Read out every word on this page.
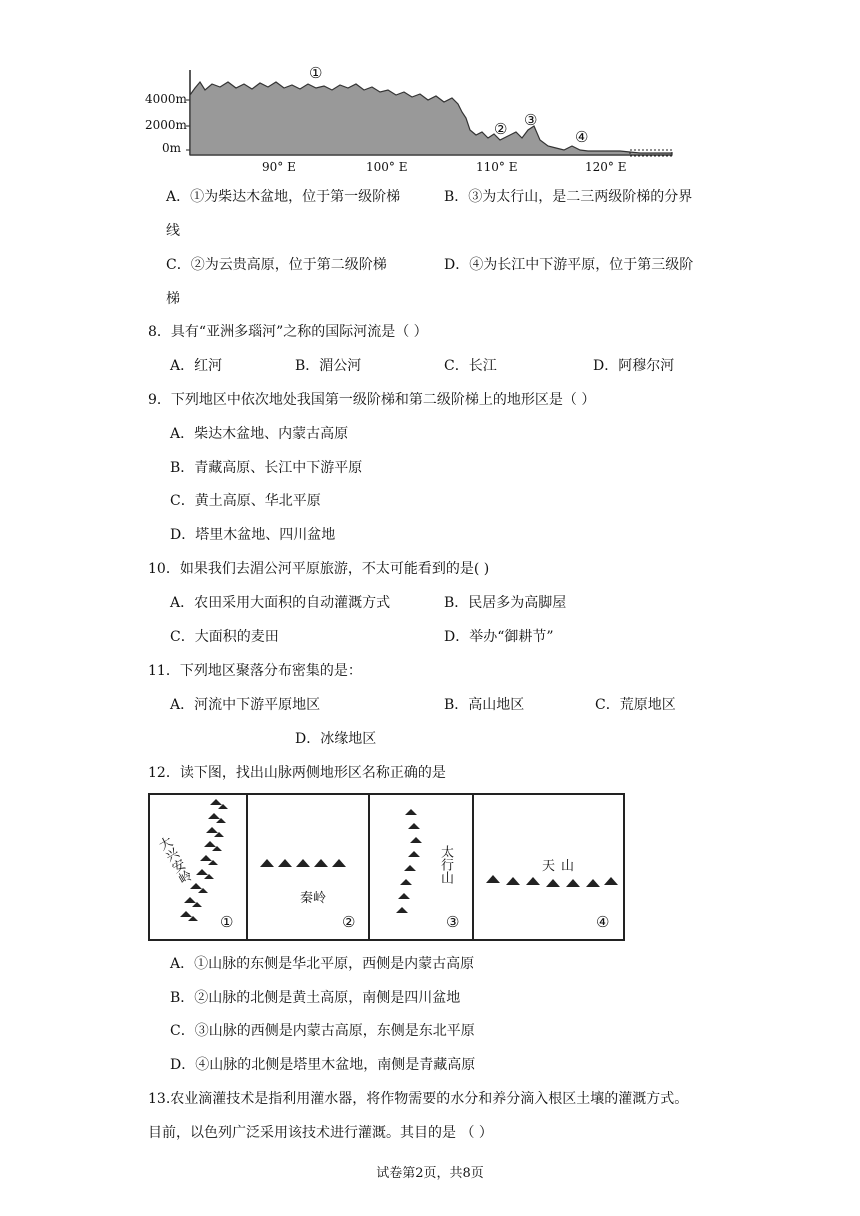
4000m
2000m
0m
90° E	100° E	110° E	120° E
①
② ③
④
A．①为柴达木盆地，位于第一级阶梯	B．③为太行山，是二三两级阶梯的分界
线
C．②为云贵高原，位于第二级阶梯	D．④为长江中下游平原，位于第三级阶
梯
8．具有“亚洲多瑙河”之称的国际河流是（ ）
A．红河	B．湄公河	C．长江	D．阿穆尔河
9．下列地区中依次地处我国第一级阶梯和第二级阶梯上的地形区是（ ）
A．柴达木盆地、内蒙古高原
B．青藏高原、长江中下游平原
C．黄土高原、华北平原
D．塔里木盆地、四川盆地
10．如果我们去湄公河平原旅游，不太可能看到的是( )
A．农田采用大面积的自动灌溉方式	B．民居多为高脚屋
C．大面积的麦田	D．举办“御耕节”
11．下列地区聚落分布密集的是：
A．河流中下游平原地区	B．高山地区	C．荒原地区
D．冰缘地区
12．读下图，找出山脉两侧地形区名称正确的是
大兴安岭
秦岭
太行山	天山
①	②	③	④
A．①山脉的东侧是华北平原，西侧是内蒙古高原
B．②山脉的北侧是黄土高原，南侧是四川盆地
C．③山脉的西侧是内蒙古高原，东侧是东北平原
D．④山脉的北侧是塔里木盆地，南侧是青藏高原
13.农业滴灌技术是指利用灌水器，将作物需要的水分和养分滴入根区土壤的灌溉方式。
目前，以色列广泛采用该技术进行灌溉。其目的是 （ ）
试卷第2页，共8页
